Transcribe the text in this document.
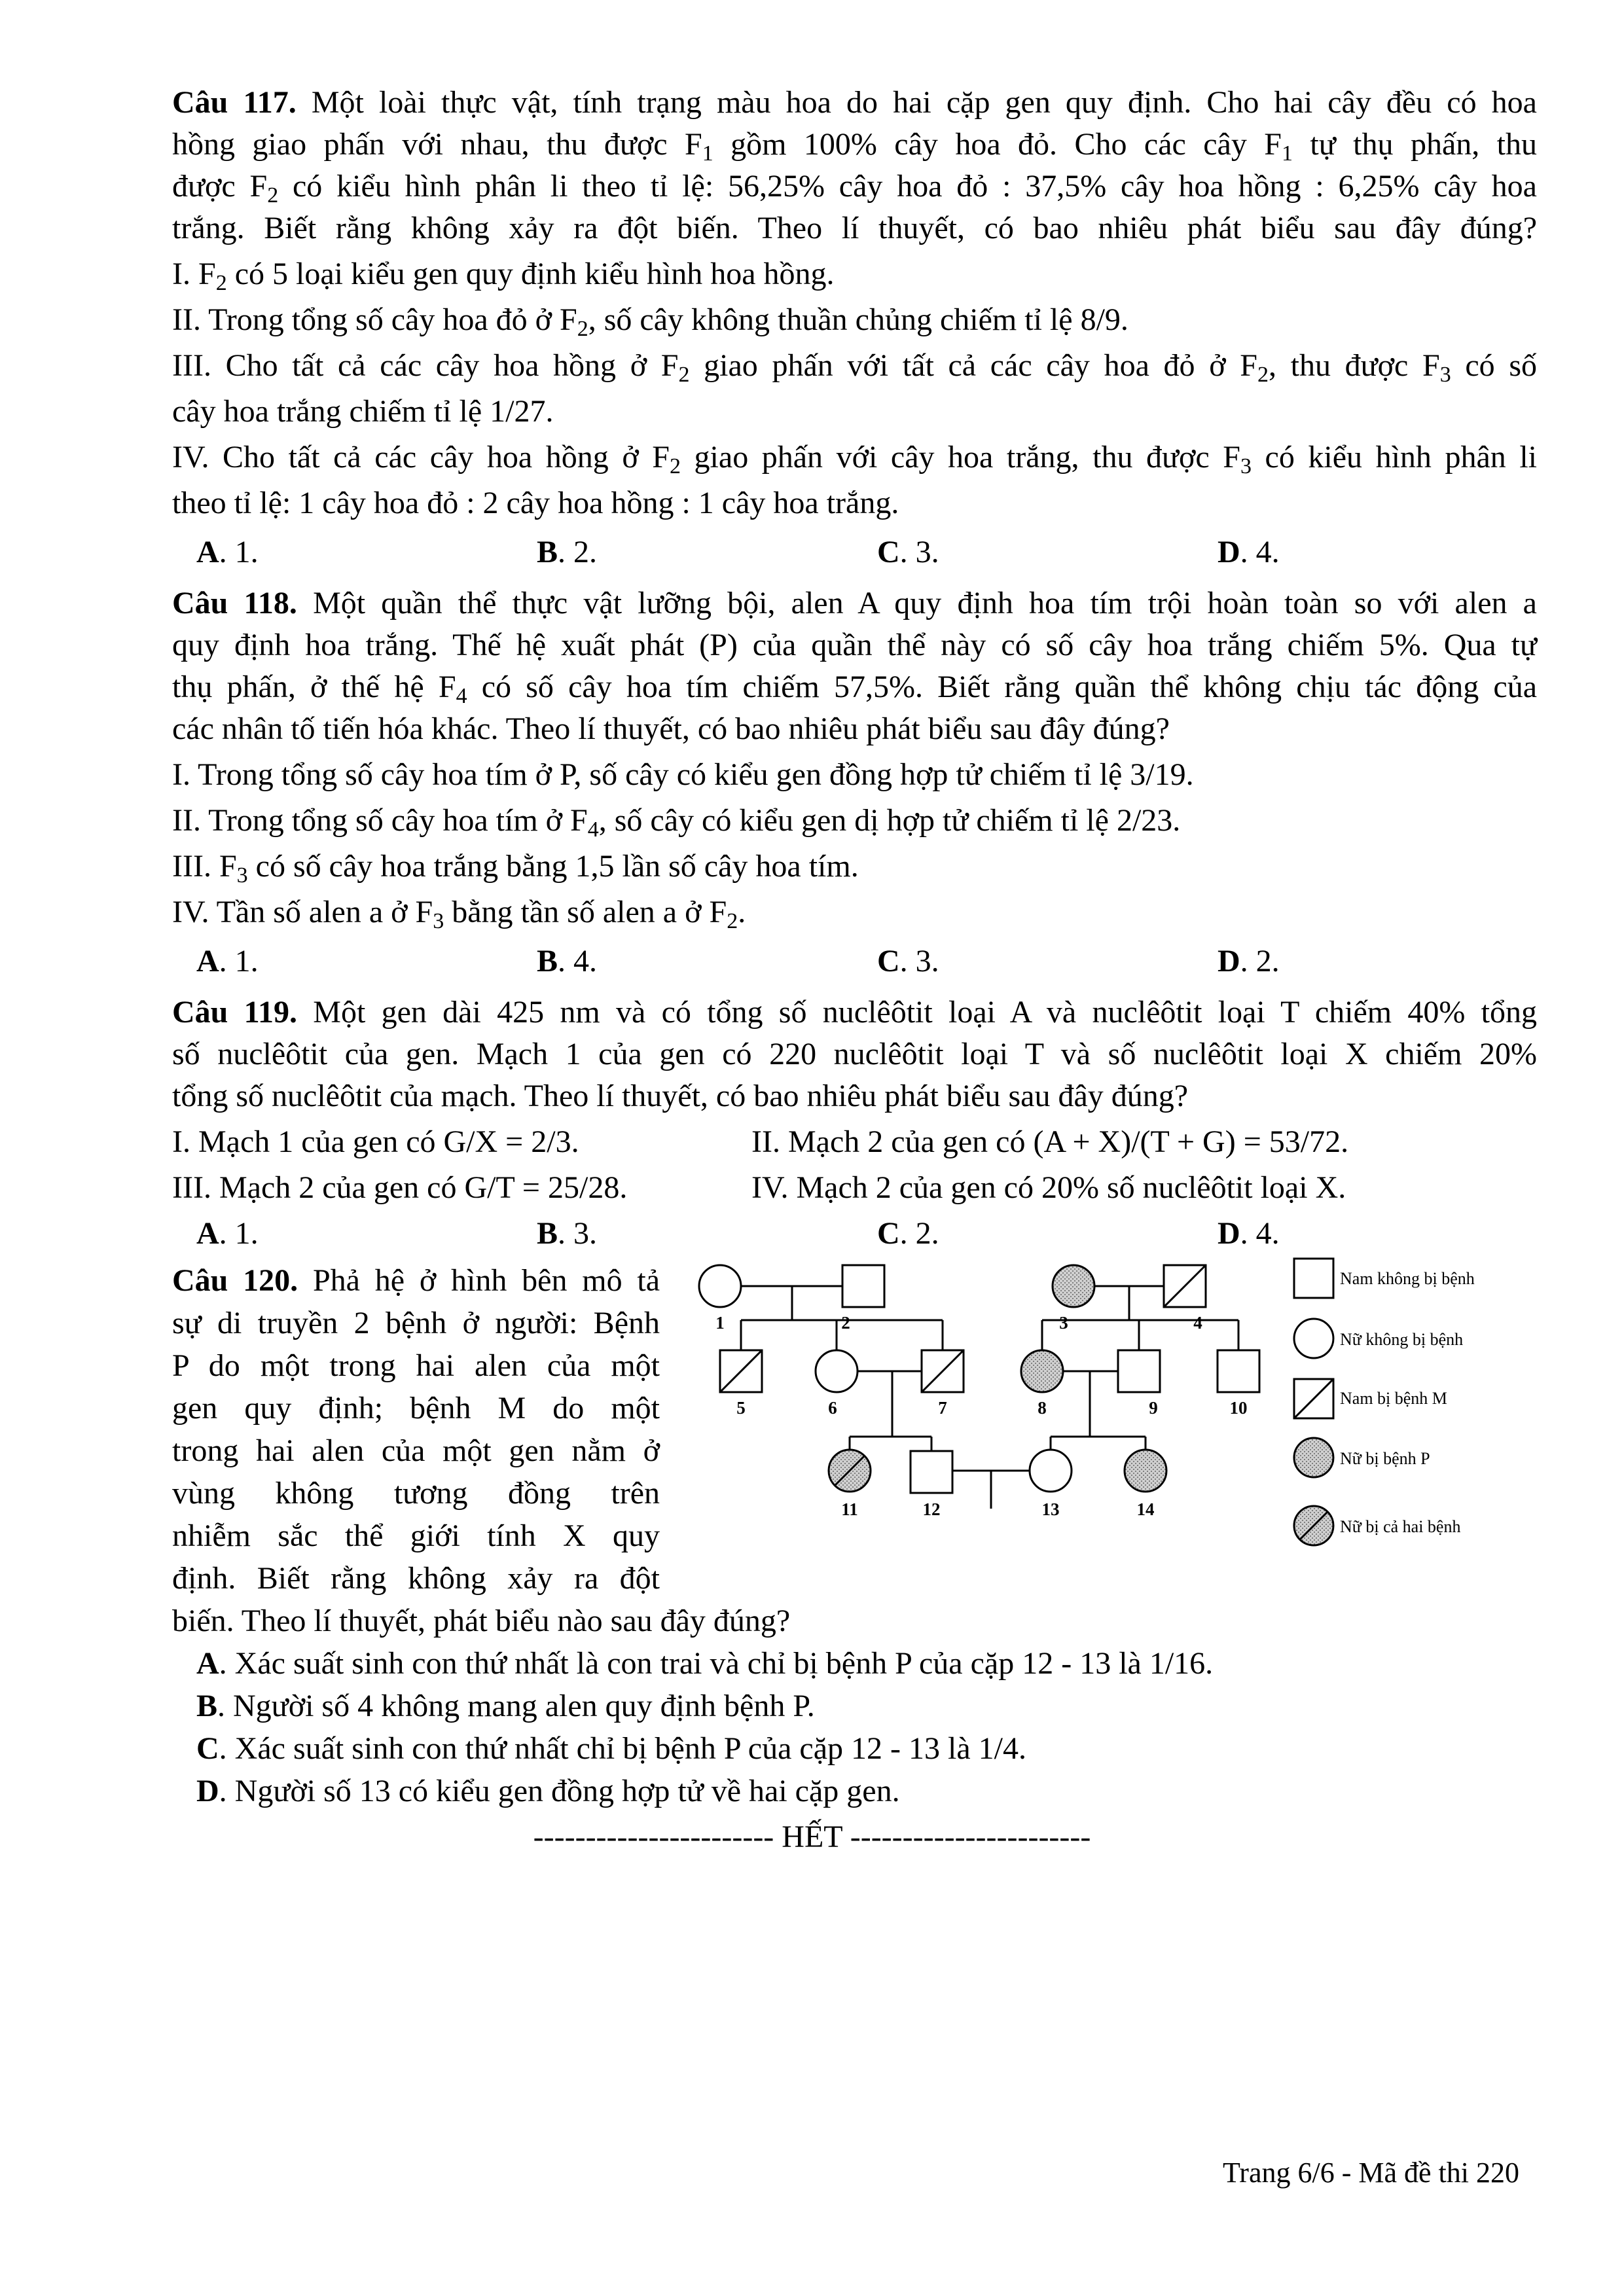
Câu 117. Một loài thực vật, tính trạng màu hoa do hai cặp gen quy định. Cho hai cây đều có hoa
hồng giao phấn với nhau, thu được $F_1$ gồm 100% cây hoa đỏ. Cho các cây $F_1$ tự thụ phấn, thu
được $F_2$ có kiểu hình phân li theo tỉ lệ: 56,25% cây hoa đỏ : 37,5% cây hoa hồng : 6,25% cây hoa
trắng. Biết rằng không xảy ra đột biến. Theo lí thuyết, có bao nhiêu phát biểu sau đây đúng?
I. $F_2$ có 5 loại kiểu gen quy định kiểu hình hoa hồng.
II. Trong tổng số cây hoa đỏ ở $F_2$, số cây không thuần chủng chiếm tỉ lệ 8/9.
III. Cho tất cả các cây hoa hồng ở $F_2$ giao phấn với tất cả các cây hoa đỏ ở $F_2$, thu được $F_3$ có số
cây hoa trắng chiếm tỉ lệ 1/27.
IV. Cho tất cả các cây hoa hồng ở $F_2$ giao phấn với cây hoa trắng, thu được $F_3$ có kiểu hình phân li
theo tỉ lệ: 1 cây hoa đỏ : 2 cây hoa hồng : 1 cây hoa trắng.
A. 1.	B. 2.	C. 3.	D. 4.
Câu 118. Một quần thể thực vật lưỡng bội, alen A quy định hoa tím trội hoàn toàn so với alen a
quy định hoa trắng. Thế hệ xuất phát (P) của quần thể này có số cây hoa trắng chiếm 5%. Qua tự
thụ phấn, ở thế hệ $F_4$ có số cây hoa tím chiếm 57,5%. Biết rằng quần thể không chịu tác động của
các nhân tố tiến hóa khác. Theo lí thuyết, có bao nhiêu phát biểu sau đây đúng?
I. Trong tổng số cây hoa tím ở P, số cây có kiểu gen đồng hợp tử chiếm tỉ lệ 3/19.
II. Trong tổng số cây hoa tím ở $F_4$, số cây có kiểu gen dị hợp tử chiếm tỉ lệ 2/23.
III. $F_3$ có số cây hoa trắng bằng 1,5 lần số cây hoa tím.
IV. Tần số alen a ở $F_3$ bằng tần số alen a ở $F_2$.
A. 1.	B. 4.	C. 3.	D. 2.
Câu 119. Một gen dài 425 nm và có tổng số nuclêôtit loại A và nuclêôtit loại T chiếm 40% tổng
số nuclêôtit của gen. Mạch 1 của gen có 220 nuclêôtit loại T và số nuclêôtit loại X chiếm 20%
tổng số nuclêôtit của mạch. Theo lí thuyết, có bao nhiêu phát biểu sau đây đúng?
I. Mạch 1 của gen có G/X = 2/3.	II. Mạch 2 của gen có (A + X)/(T + G) = 53/72.
III. Mạch 2 của gen có G/T = 25/28.	IV. Mạch 2 của gen có 20% số nuclêôtit loại X.
A. 1.	B. 3.	C. 2.	D. 4.
Câu 120. Phả hệ ở hình bên mô tả
sự di truyền 2 bệnh ở người: Bệnh
P do một trong hai alen của một
gen quy định; bệnh M do một
trong hai alen của một gen nằm ở
vùng không tương đồng trên
nhiễm sắc thể giới tính X quy
định. Biết rằng không xảy ra đột
biến. Theo lí thuyết, phát biểu nào sau đây đúng?
A. Xác suất sinh con thứ nhất là con trai và chỉ bị bệnh P của cặp 12 - 13 là 1/16.
B. Người số 4 không mang alen quy định bệnh P.
C. Xác suất sinh con thứ nhất chỉ bị bệnh P của cặp 12 - 13 là 1/4.
D. Người số 13 có kiểu gen đồng hợp tử về hai cặp gen.
1	2	3	4
5	6	7	8	9	10
11	12	13	14
Nam không bị bệnh
Nữ không bị bệnh
Nam bị bệnh M
Nữ bị bệnh P
Nữ bị cả hai bệnh
----------------------- HẾT -----------------------
Trang 6/6 - Mã đề thi 220
